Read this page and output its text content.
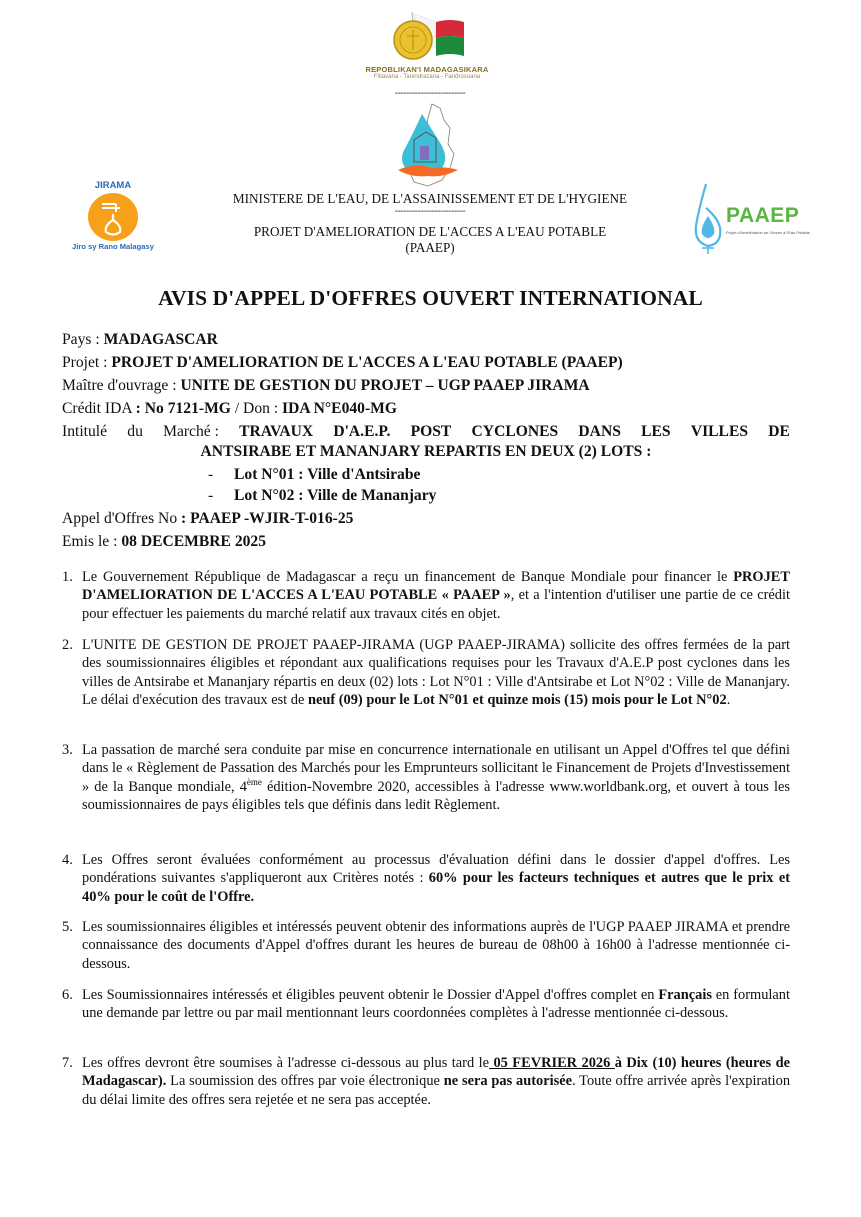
REPOBLIKAN'I MADAGASIKARA
Fitiavana - Tanindrazana - Fandrosoana
-------------------------
JIRAMA
Jiro sy Rano Malagasy
PAAEP
Projet d'Amélioration de l'Accès à l'Eau Potable
MINISTERE DE L'EAU, DE L'ASSAINISSEMENT ET DE L'HYGIENE
-------------------------
PROJET D'AMELIORATION DE L'ACCES A L'EAU POTABLE
(PAAEP)
AVIS D'APPEL D'OFFRES OUVERT INTERNATIONAL
Pays : MADAGASCAR
Projet : PROJET D'AMELIORATION DE L'ACCES A L'EAU POTABLE (PAAEP)
Maître d'ouvrage : UNITE DE GESTION DU PROJET – UGP PAAEP JIRAMA
Crédit IDA : No 7121-MG / Don : IDA N°E040-MG
Intitulé du Marché : TRAVAUX D'A.E.P. POST CYCLONES DANS LES VILLES DE
ANTSIRABE ET MANANJARY REPARTIS EN DEUX (2) LOTS :
- Lot N°01 : Ville d'Antsirabe
- Lot N°02 : Ville de Mananjary
Appel d'Offres No : PAAEP -WJIR-T-016-25
Emis le : 08 DECEMBRE 2025
1. Le Gouvernement République de Madagascar a reçu un financement de Banque Mondiale pour financer le PROJET D'AMELIORATION DE L'ACCES A L'EAU POTABLE « PAAEP », et a l'intention d'utiliser une partie de ce crédit pour effectuer les paiements du marché relatif aux travaux cités en objet.
2. L'UNITE DE GESTION DE PROJET PAAEP-JIRAMA (UGP PAAEP-JIRAMA) sollicite des offres fermées de la part des soumissionnaires éligibles et répondant aux qualifications requises pour les Travaux d'A.E.P post cyclones dans les villes de Antsirabe et Mananjary répartis en deux (02) lots : Lot N°01 : Ville d'Antsirabe et Lot N°02 : Ville de Mananjary. Le délai d'exécution des travaux est de neuf (09) pour le Lot N°01 et quinze mois (15) mois pour le Lot N°02.
3. La passation de marché sera conduite par mise en concurrence internationale en utilisant un Appel d'Offres tel que défini dans le « Règlement de Passation des Marchés pour les Emprunteurs sollicitant le Financement de Projets d'Investissement » de la Banque mondiale, 4ème édition-Novembre 2020, accessibles à l'adresse www.worldbank.org, et ouvert à tous les soumissionnaires de pays éligibles tels que définis dans ledit Règlement.
4. Les Offres seront évaluées conformément au processus d'évaluation défini dans le dossier d'appel d'offres. Les pondérations suivantes s'appliqueront aux Critères notés : 60% pour les facteurs techniques et autres que le prix et 40% pour le coût de l'Offre.
5. Les soumissionnaires éligibles et intéressés peuvent obtenir des informations auprès de l'UGP PAAEP JIRAMA et prendre connaissance des documents d'Appel d'offres durant les heures de bureau de 08h00 à 16h00 à l'adresse mentionnée ci-dessous.
6. Les Soumissionnaires intéressés et éligibles peuvent obtenir le Dossier d'Appel d'offres complet en Français en formulant une demande par lettre ou par mail mentionnant leurs coordonnées complètes à l'adresse mentionnée ci-dessous.
7. Les offres devront être soumises à l'adresse ci-dessous au plus tard le 05 FEVRIER 2026 à Dix (10) heures (heures de Madagascar). La soumission des offres par voie électronique ne sera pas autorisée. Toute offre arrivée après l'expiration du délai limite des offres sera rejetée et ne sera pas acceptée.
